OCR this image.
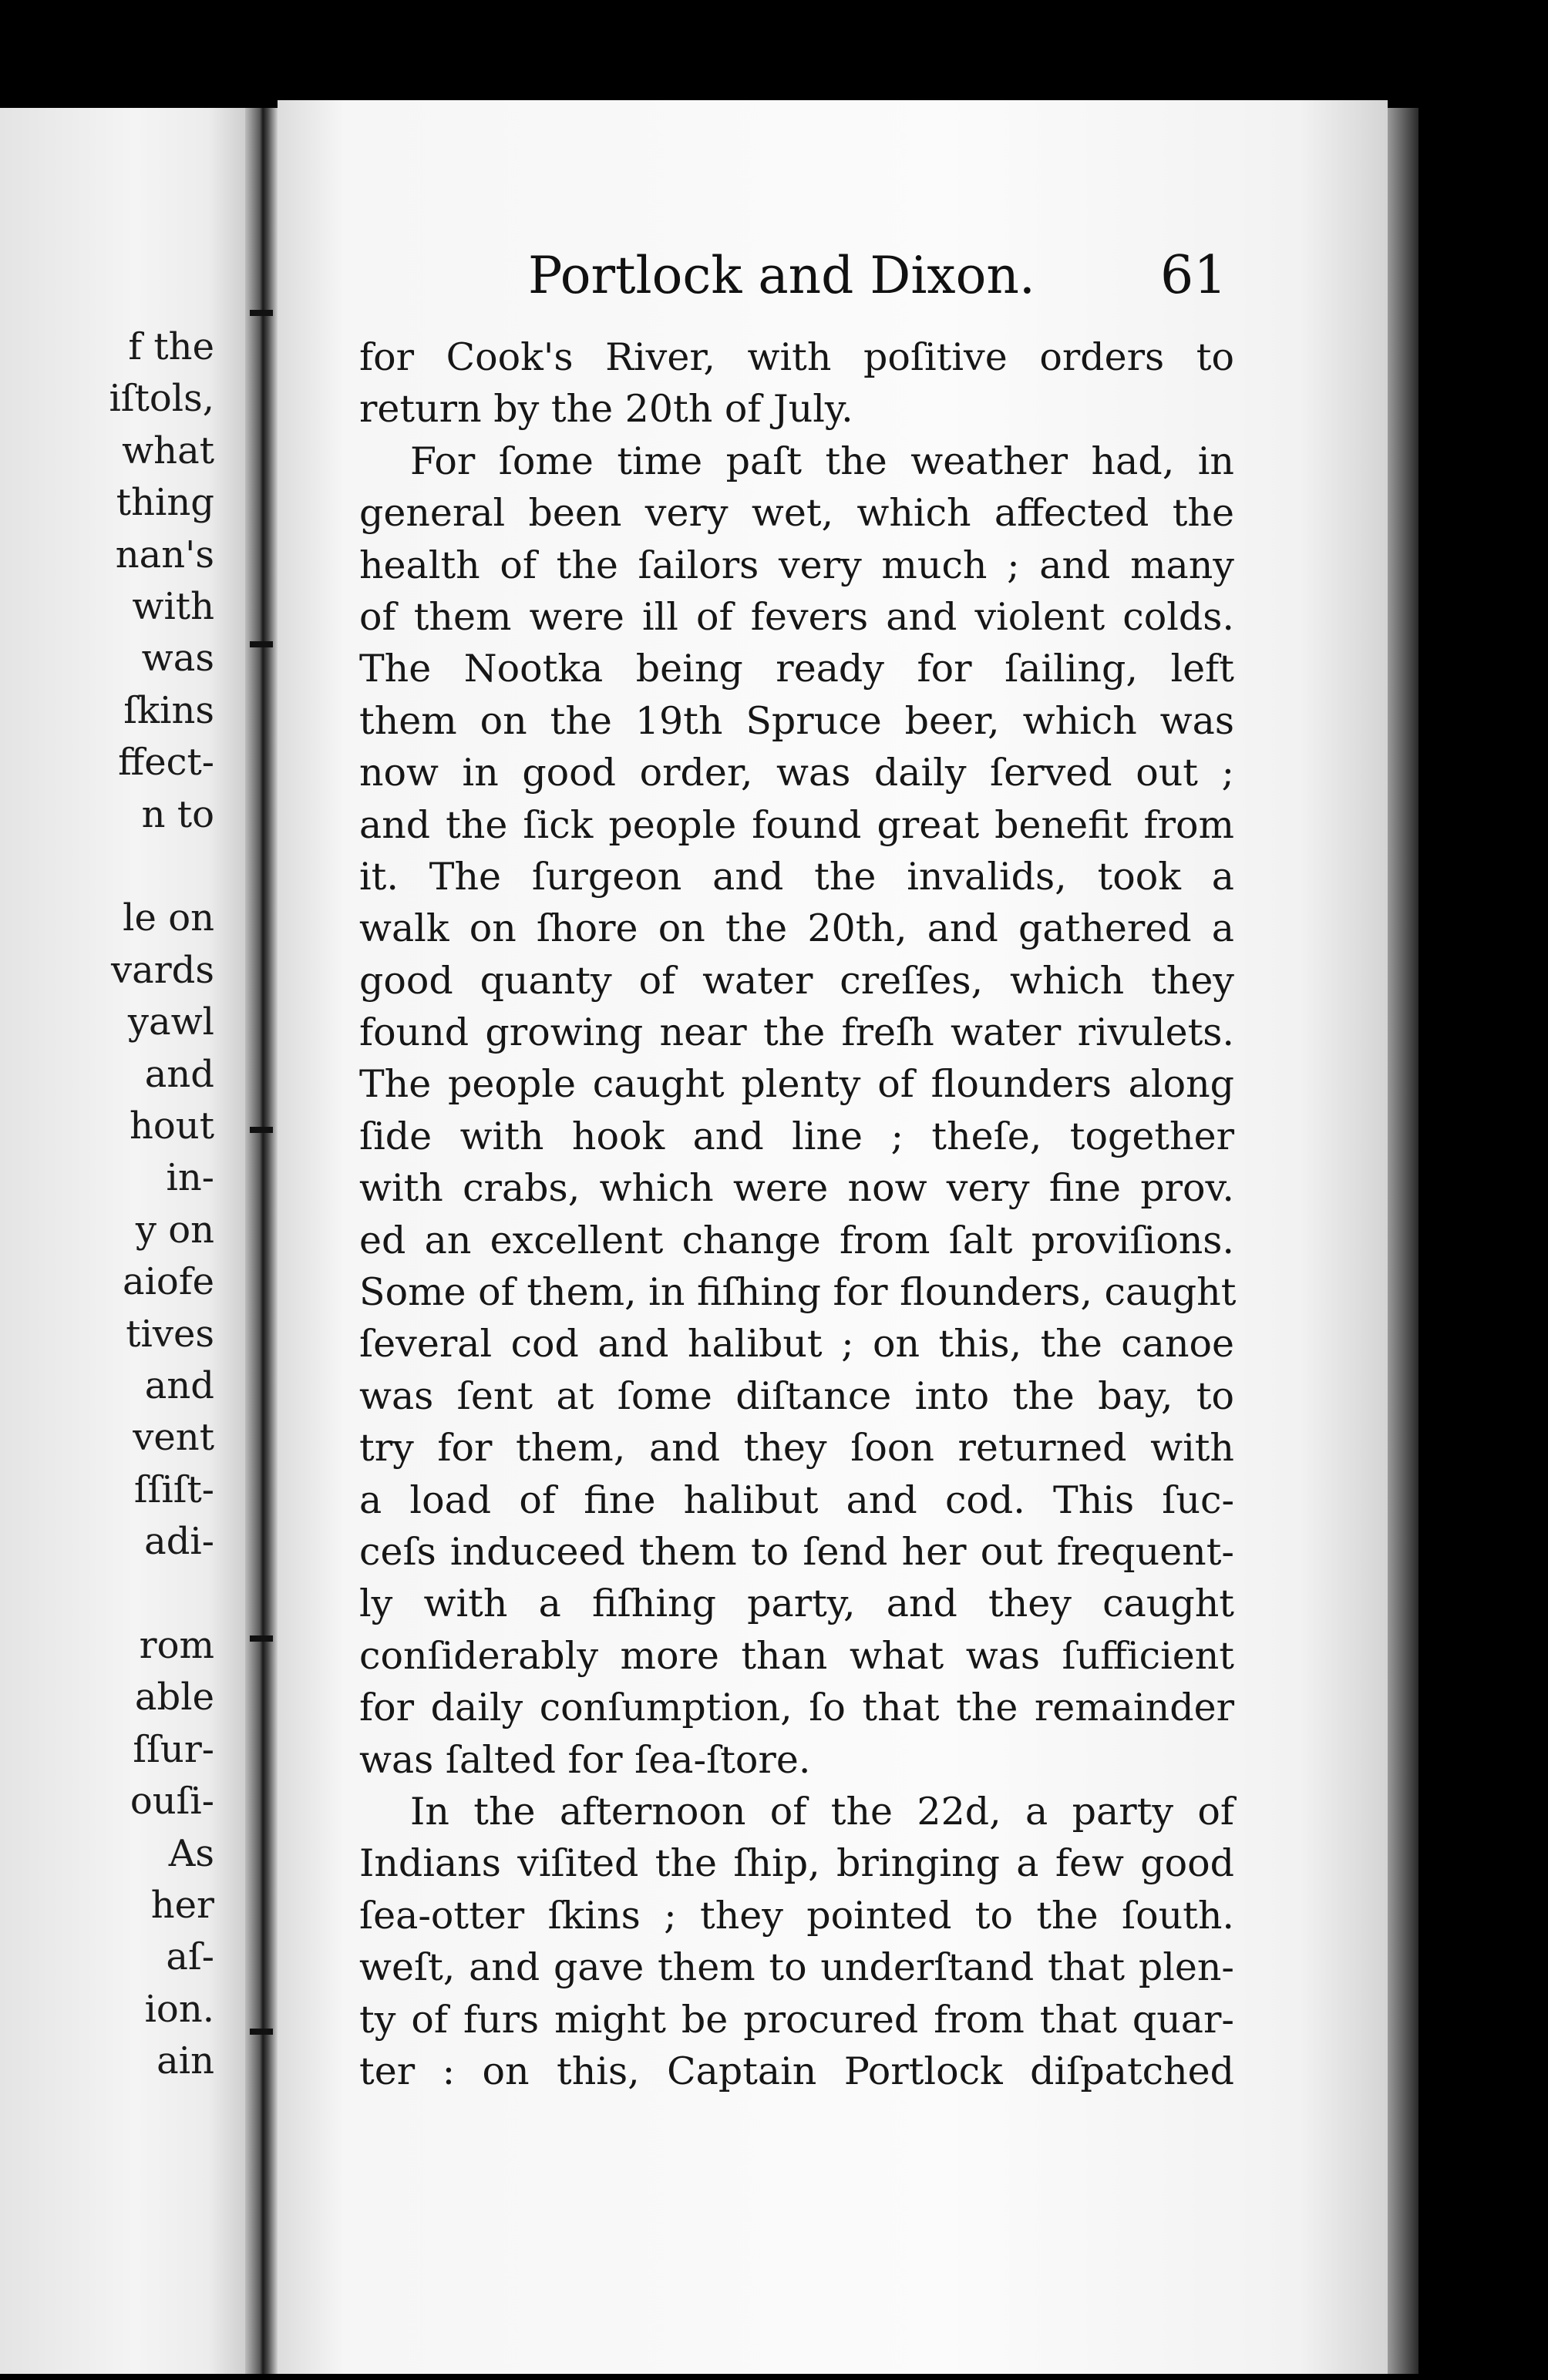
f the

iſtols,

what

thing

nan's

with

was

ſkins

ffect-

n to

le on

vards

yawl

and

hout

in-

y on

aiofe

tives

and

vent

ſſiſt-

adi-

rom

able

ſſur-

ouſi-

As

her

aſ-

ion.

ain

Portlock and Dixon. 61

for Cook's River, with poſitive orders to

return by the 20th of July.

For ſome time paſt the weather had, in

general been very wet, which affected the

health of the ſailors very much ; and many

of them were ill of fevers and violent colds.

The Nootka being ready for ſailing, left

them on the 19th Spruce beer, which was

now in good order, was daily ſerved out ;

and the ſick people found great benefit from

it. The ſurgeon and the invalids, took a

walk on ſhore on the 20th, and gathered a

good quanty of water creſſes, which they

found growing near the freſh water rivulets.

The people caught plenty of flounders along

ſide with hook and line ; theſe, together

with crabs, which were now very fine prov.

ed an excellent change from ſalt proviſions.

Some of them, in fiſhing for flounders, caught

ſeveral cod and halibut ; on this, the canoe

was ſent at ſome diſtance into the bay, to

try for them, and they ſoon returned with

a load of fine halibut and cod. This ſuc-

ceſs induceed them to ſend her out frequent-

ly with a fiſhing party, and they caught

conſiderably more than what was ſufficient

for daily conſumption, ſo that the remainder

was ſalted for ſea-ſtore.

In the afternoon of the 22d, a party of

Indians viſited the ſhip, bringing a few good

ſea-otter ſkins ; they pointed to the ſouth.

weſt, and gave them to underſtand that plen-

ty of furs might be procured from that quar-

ter : on this, Captain Portlock diſpatched
